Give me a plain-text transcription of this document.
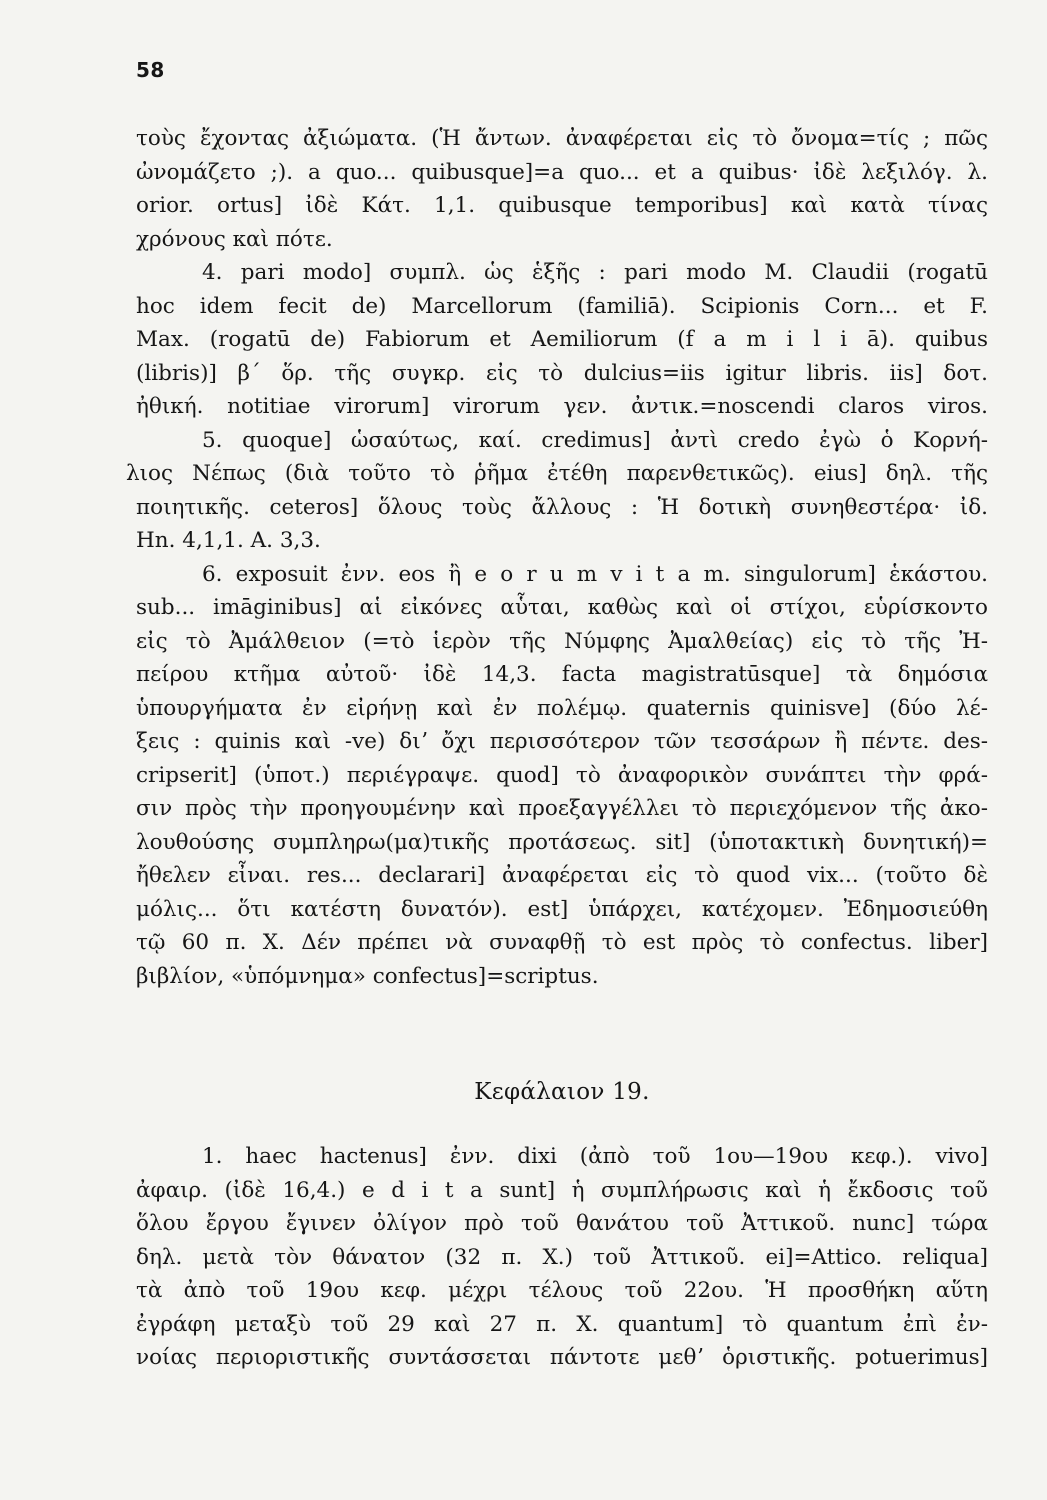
58
τοὺς ἔχοντας ἀξιώματα. (Ἡ ἄντων. ἀναφέρεται εἰς τὸ ὄνομα=τίς ; πῶς
ὠνομάζετο ;). a quo... quibusque]=a quo... et a quibus· ἰδὲ λεξιλόγ. λ.
orior. ortus] ἰδὲ Κάτ. 1,1. quibusque temporibus] καὶ κατὰ τίνας
χρόνους καὶ πότε.
4. pari modo] συμπλ. ὡς ἑξῆς : pari modo M. Claudii (rogatū
hoc idem fecit de) Marcellorum (familiā). Scipionis Corn... et F.
Max. (rogatū de) Fabiorum et Aemiliorum (f a m i l i ā). quibus
(libris)] β´ ὅρ. τῆς συγκρ. εἰς τὸ dulcius=iis igitur libris. iis] δοτ.
ἠθική. notitiae virorum] virorum γεν. ἀντικ.=noscendi claros viros.
5. quoque] ὡσαύτως, καί. credimus] ἀντὶ credo ἐγὼ ὁ Κορνή-
λιος Νέπως (διὰ τοῦτο τὸ ῥῆμα ἐτέθη παρενθετικῶς). eius] δηλ. τῆς
ποιητικῆς. ceteros] ὅλους τοὺς ἄλλους : Ἡ δοτικὴ συνηθεστέρα· ἰδ.
Hn. 4,1,1. A. 3,3.
6. exposuit ἐνν. eos ἢ e o r u m v i t a m. singulorum] ἑκάστου.
sub... imāginibus] αἱ εἰκόνες αὗται, καθὼς καὶ οἱ στίχοι, εὑρίσκοντο
εἰς τὸ Ἀμάλθειον (=τὸ ἱερὸν τῆς Νύμφης Ἀμαλθείας) εἰς τὸ τῆς Ἠ-
πείρου κτῆμα αὐτοῦ· ἰδὲ 14,3. facta magistratūsque] τὰ δημόσια
ὑπουργήματα ἐν εἰρήνῃ καὶ ἐν πολέμῳ. quaternis quinisve] (δύο λέ-
ξεις : quinis καὶ -ve) διʼ ὄχι περισσότερον τῶν τεσσάρων ἢ πέντε. des-
cripserit] (ὑποτ.) περιέγραψε. quod] τὸ ἀναφορικὸν συνάπτει τὴν φρά-
σιν πρὸς τὴν προηγουμένην καὶ προεξαγγέλλει τὸ περιεχόμενον τῆς ἀκο-
λουθούσης συμπληρω(μα)τικῆς προτάσεως. sit] (ὑποτακτικὴ δυνητική)=
ἤθελεν εἶναι. res... declarari] ἀναφέρεται εἰς τὸ quod vix... (τοῦτο δὲ
μόλις... ὅτι κατέστη δυνατόν). est] ὑπάρχει, κατέχομεν. Ἐδημοσιεύθη
τῷ 60 π. Χ. Δέν πρέπει νὰ συναφθῇ τὸ est πρὸς τὸ confectus. liber]
βιβλίον, «ὑπόμνημα» confectus]=scriptus.
Κεφάλαιον 19.
1. haec hactenus] ἐνν. dixi (ἀπὸ τοῦ 1ου—19ου κεφ.). vivo]
ἀφαιρ. (ἰδὲ 16,4.) e d i t a sunt] ἡ συμπλήρωσις καὶ ἡ ἔκδοσις τοῦ
ὅλου ἔργου ἔγινεν ὀλίγον πρὸ τοῦ θανάτου τοῦ Ἀττικοῦ. nunc] τώρα
δηλ. μετὰ τὸν θάνατον (32 π. Χ.) τοῦ Ἀττικοῦ. ei]=Attico. reliqua]
τὰ ἀπὸ τοῦ 19ου κεφ. μέχρι τέλους τοῦ 22ου. Ἡ προσθήκη αὕτη
ἐγράφη μεταξὺ τοῦ 29 καὶ 27 π. Χ. quantum] τὸ quantum ἐπὶ ἐν-
νοίας περιοριστικῆς συντάσσεται πάντοτε μεθʼ ὁριστικῆς. potuerimus]
